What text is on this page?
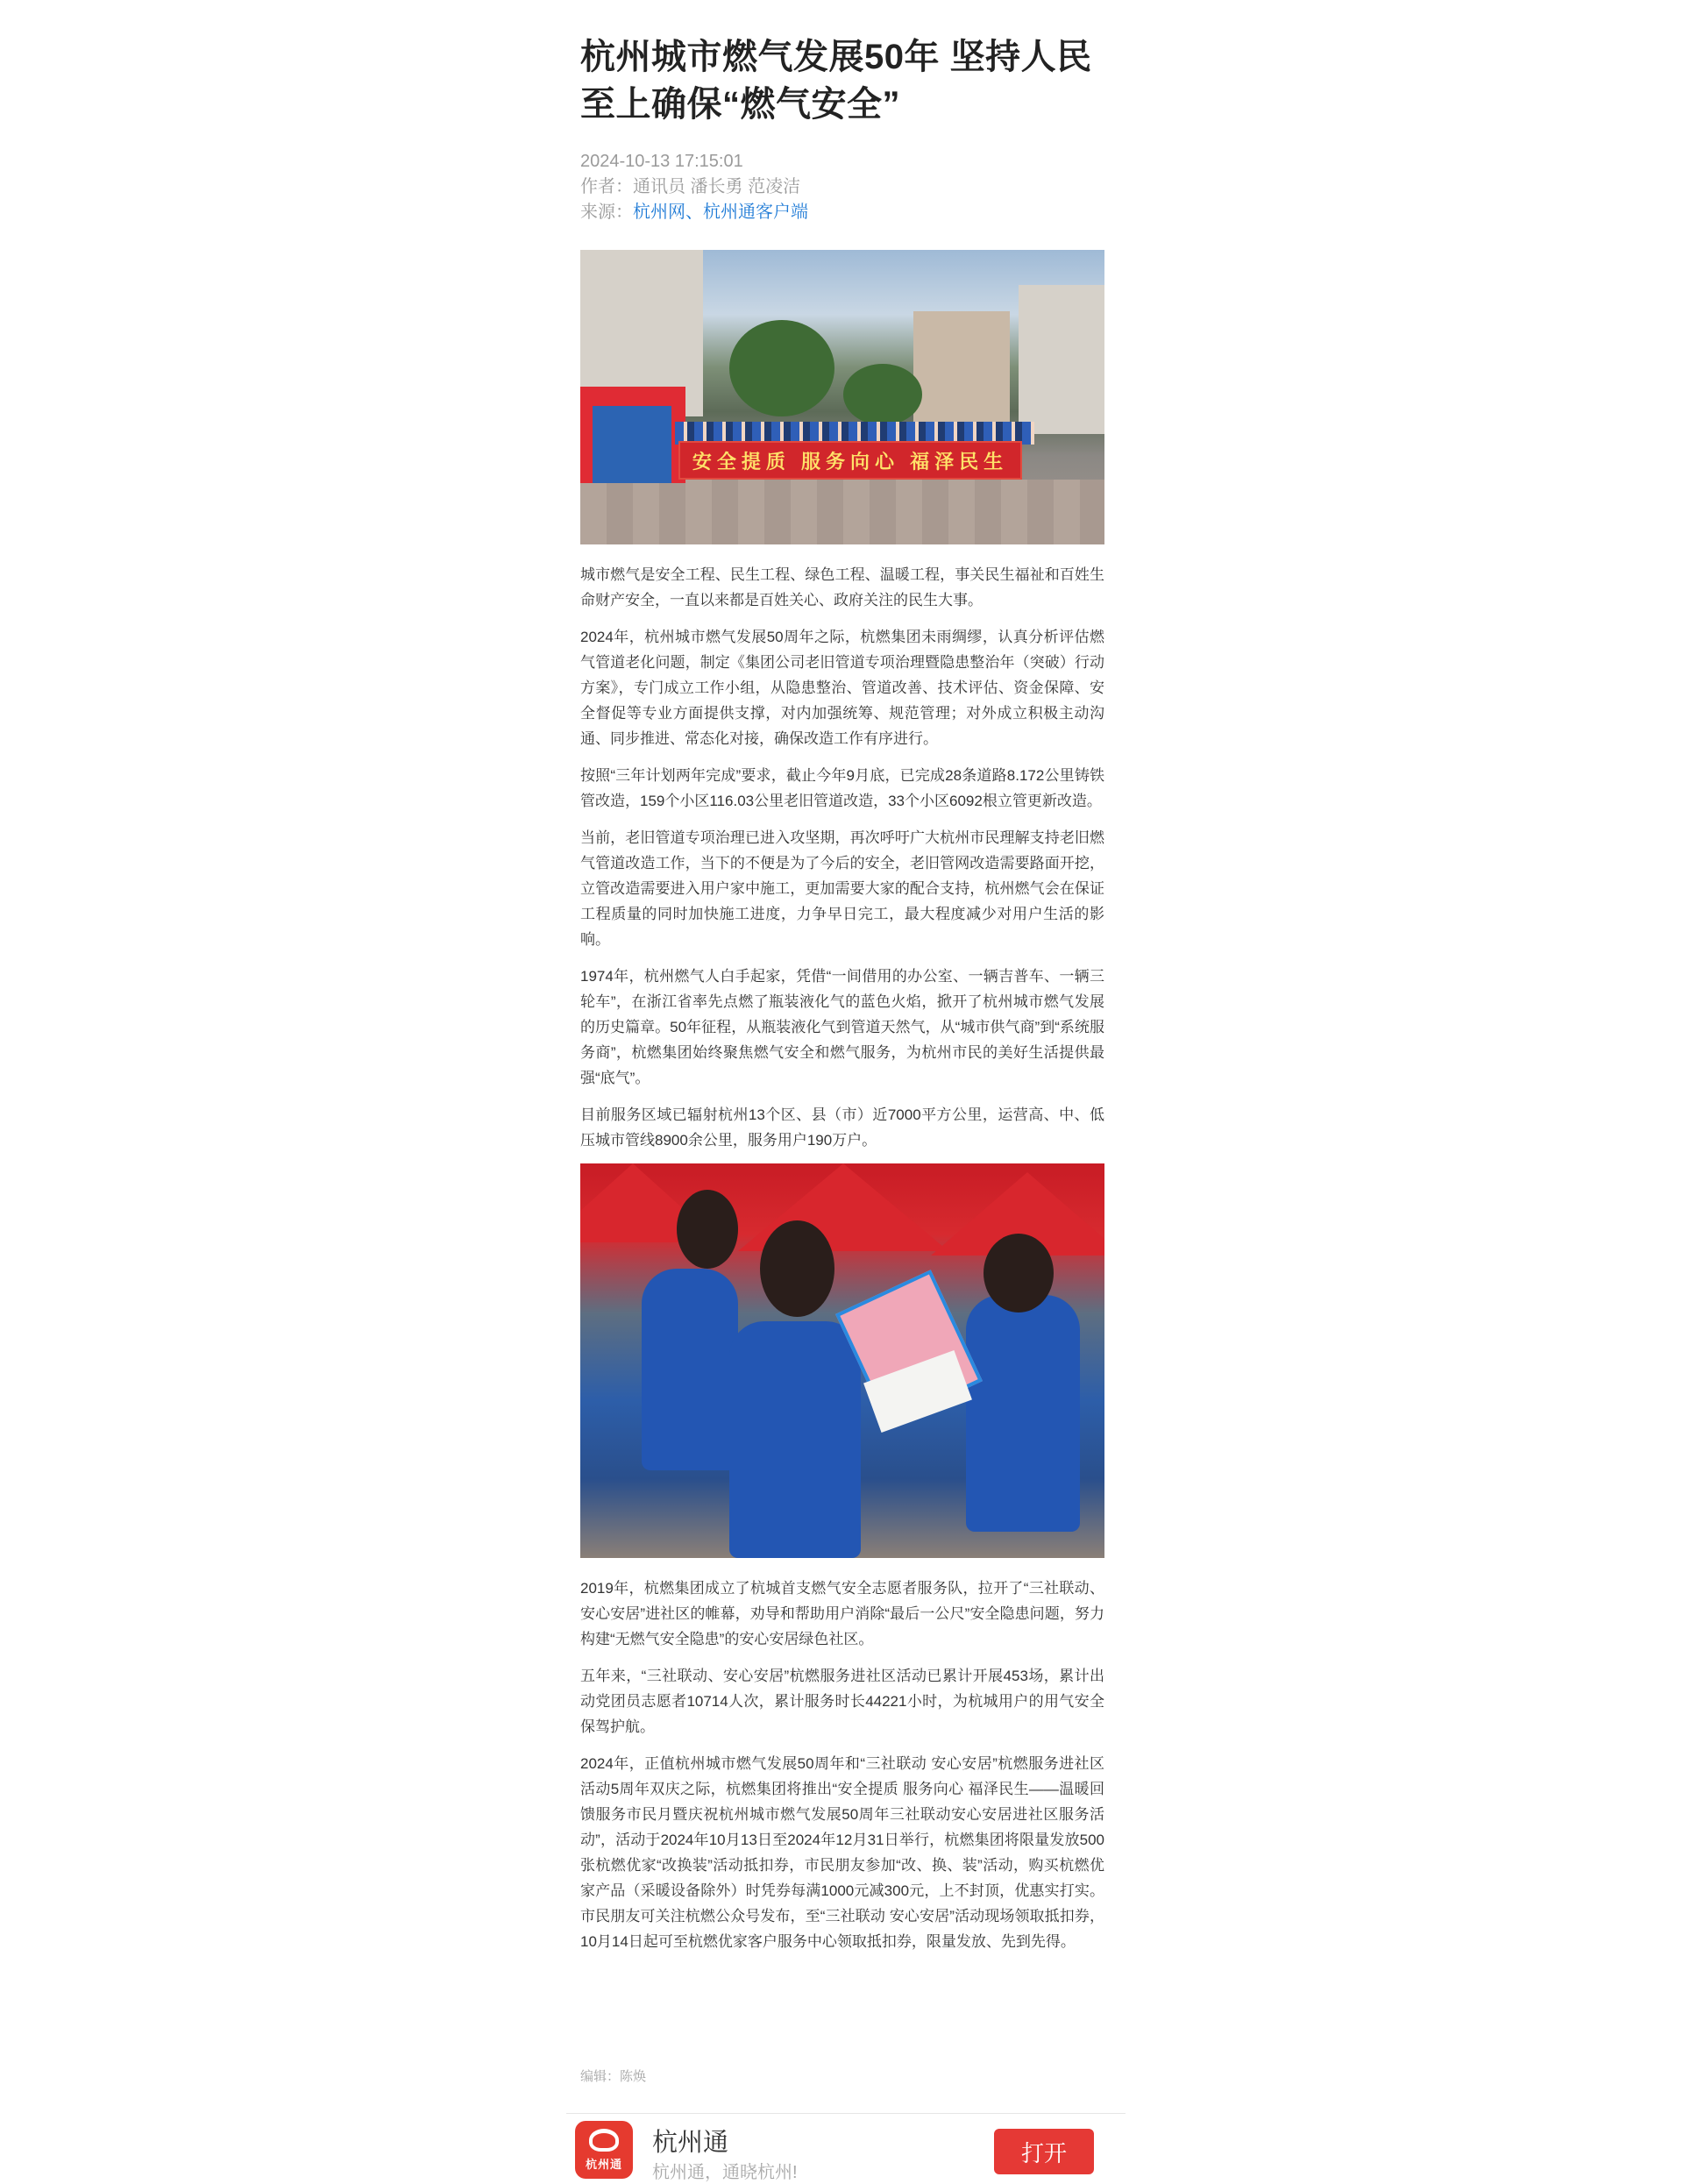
杭州城市燃气发展50年 坚持人民至上确保“燃气安全”
2024-10-13 17:15:01
作者：通讯员 潘长勇 范凌洁
来源：杭州网、杭州通客户端
安全提质 服务向心 福泽民生

城市燃气是安全工程、民生工程、绿色工程、温暖工程，事关民生福祉和百姓生命财产安全，一直以来都是百姓关心、政府关注的民生大事。

2024年，杭州城市燃气发展50周年之际，杭燃集团未雨绸缪，认真分析评估燃气管道老化问题，制定《集团公司老旧管道专项治理暨隐患整治年（突破）行动方案》，专门成立工作小组，从隐患整治、管道改善、技术评估、资金保障、安全督促等专业方面提供支撑，对内加强统筹、规范管理；对外成立积极主动沟通、同步推进、常态化对接，确保改造工作有序进行。

按照“三年计划两年完成”要求，截止今年9月底，已完成28条道路8.172公里铸铁管改造，159个小区116.03公里老旧管道改造，33个小区6092根立管更新改造。

当前，老旧管道专项治理已进入攻坚期，再次呼吁广大杭州市民理解支持老旧燃气管道改造工作，当下的不便是为了今后的安全，老旧管网改造需要路面开挖，立管改造需要进入用户家中施工，更加需要大家的配合支持，杭州燃气会在保证工程质量的同时加快施工进度，力争早日完工，最大程度减少对用户生活的影响。

1974年，杭州燃气人白手起家，凭借“一间借用的办公室、一辆吉普车、一辆三轮车”，在浙江省率先点燃了瓶装液化气的蓝色火焰，掀开了杭州城市燃气发展的历史篇章。50年征程，从瓶装液化气到管道天然气，从“城市供气商”到“系统服务商”，杭燃集团始终聚焦燃气安全和燃气服务，为杭州市民的美好生活提供最强“底气”。

目前服务区域已辐射杭州13个区、县（市）近7000平方公里，运营高、中、低压城市管线8900余公里，服务用户190万户。

2019年，杭燃集团成立了杭城首支燃气安全志愿者服务队，拉开了“三社联动、安心安居”进社区的帷幕，劝导和帮助用户消除“最后一公尺”安全隐患问题，努力构建“无燃气安全隐患”的安心安居绿色社区。

五年来，“三社联动、安心安居”杭燃服务进社区活动已累计开展453场，累计出动党团员志愿者10714人次，累计服务时长44221小时，为杭城用户的用气安全保驾护航。

2024年，正值杭州城市燃气发展50周年和“三社联动 安心安居”杭燃服务进社区活动5周年双庆之际，杭燃集团将推出“安全提质 服务向心 福泽民生——温暖回馈服务市民月暨庆祝杭州城市燃气发展50周年三社联动安心安居进社区服务活动”，活动于2024年10月13日至2024年12月31日举行，杭燃集团将限量发放500张杭燃优家“改换装”活动抵扣券，市民朋友参加“改、换、装”活动，购买杭燃优家产品（采暖设备除外）时凭券每满1000元减300元，上不封顶，优惠实打实。市民朋友可关注杭燃公众号发布，至“三社联动 安心安居”活动现场领取抵扣券，10月14日起可至杭燃优家客户服务中心领取抵扣券，限量发放、先到先得。

编辑：陈焕
杭州通
杭州通
杭州通，通晓杭州!
打开
